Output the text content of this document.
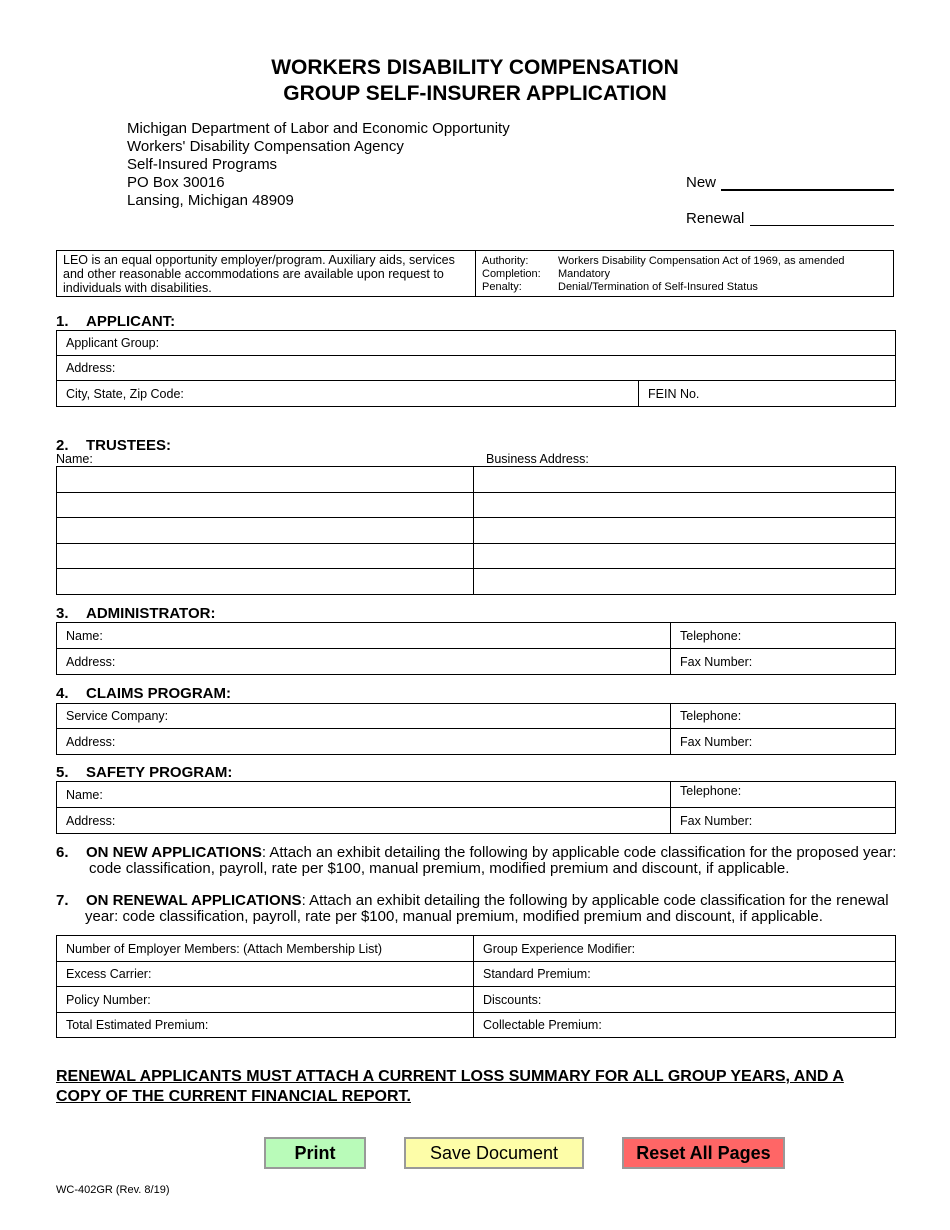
WORKERS DISABILITY COMPENSATION
GROUP SELF-INSURER APPLICATION
Michigan Department of Labor and Economic Opportunity
Workers' Disability Compensation Agency
Self-Insured Programs
PO Box 30016
Lansing, Michigan 48909
New
Renewal
LEO is an equal opportunity employer/program. Auxiliary aids, services and other reasonable accommodations are available upon request to individuals with disabilities.
Authority:	Workers Disability Compensation Act of 1969, as amended
Completion: Mandatory
Penalty:	Denial/Termination of Self-Insured Status
1. APPLICANT:
Applicant Group:
Address:
City, State, Zip Code:	FEIN No.
2. TRUSTEES:
Name:	Business Address:

3. ADMINISTRATOR:
Name:	Telephone:
Address:	Fax Number:
4. CLAIMS PROGRAM:
Service Company:	Telephone:
Address:	Fax Number:
5. SAFETY PROGRAM:
Name:	Telephone:
Address:	Fax Number:
6. ON NEW APPLICATIONS: Attach an exhibit detailing the following by applicable code classification for the proposed year:
code classification, payroll, rate per $100, manual premium, modified premium and discount, if applicable.
7. ON RENEWAL APPLICATIONS: Attach an exhibit detailing the following by applicable code classification for the renewal
year: code classification, payroll, rate per $100, manual premium, modified premium and discount, if applicable.
Number of Employer Members: (Attach Membership List)	Group Experience Modifier:
Excess Carrier:	Standard Premium:
Policy Number:	Discounts:
Total Estimated Premium:	Collectable Premium:
RENEWAL APPLICANTS MUST ATTACH A CURRENT LOSS SUMMARY FOR ALL GROUP YEARS, AND A
COPY OF THE CURRENT FINANCIAL REPORT.
Print	Save Document	Reset All Pages
WC-402GR (Rev. 8/19)
